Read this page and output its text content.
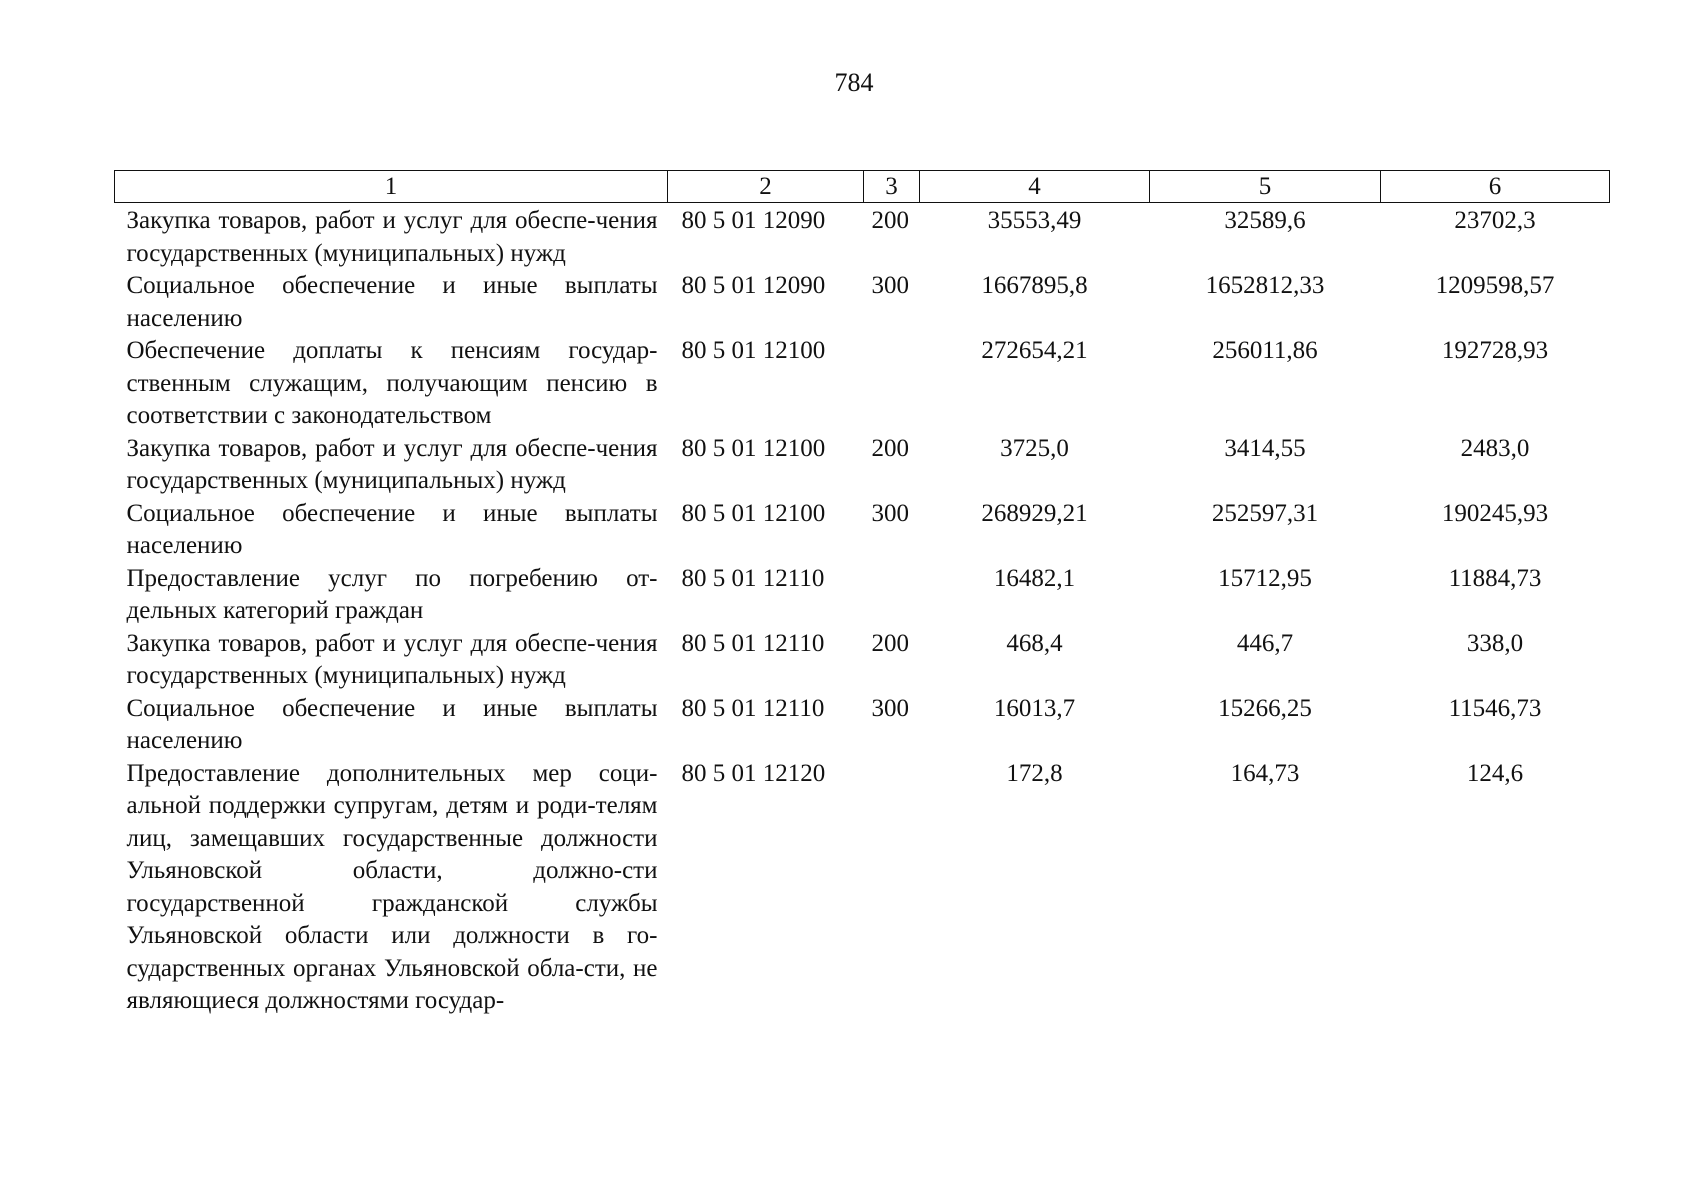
784
1	2	3	4	5	6
Закупка товаров, работ и услуг для обеспе-чения государственных (муниципальных) нужд	80 5 01 12090	200	35553,49	32589,6	23702,3
Социальное обеспечение и иные выплаты населению	80 5 01 12090	300	1667895,8	1652812,33	1209598,57
Обеспечение доплаты к пенсиям государ-ственным служащим, получающим пенсию в соответствии с законодательством	80 5 01 12100		272654,21	256011,86	192728,93
Закупка товаров, работ и услуг для обеспе-чения государственных (муниципальных) нужд	80 5 01 12100	200	3725,0	3414,55	2483,0
Социальное обеспечение и иные выплаты населению	80 5 01 12100	300	268929,21	252597,31	190245,93
Предоставление услуг по погребению от-дельных категорий граждан	80 5 01 12110		16482,1	15712,95	11884,73
Закупка товаров, работ и услуг для обеспе-чения государственных (муниципальных) нужд	80 5 01 12110	200	468,4	446,7	338,0
Социальное обеспечение и иные выплаты населению	80 5 01 12110	300	16013,7	15266,25	11546,73
Предоставление дополнительных мер соци-альной поддержки супругам, детям и роди-телям лиц, замещавших государственные должности Ульяновской области, должно-сти государственной гражданской службы Ульяновской области или должности в го-сударственных органах Ульяновской обла-сти, не являющиеся должностями государ-	80 5 01 12120		172,8	164,73	124,6
